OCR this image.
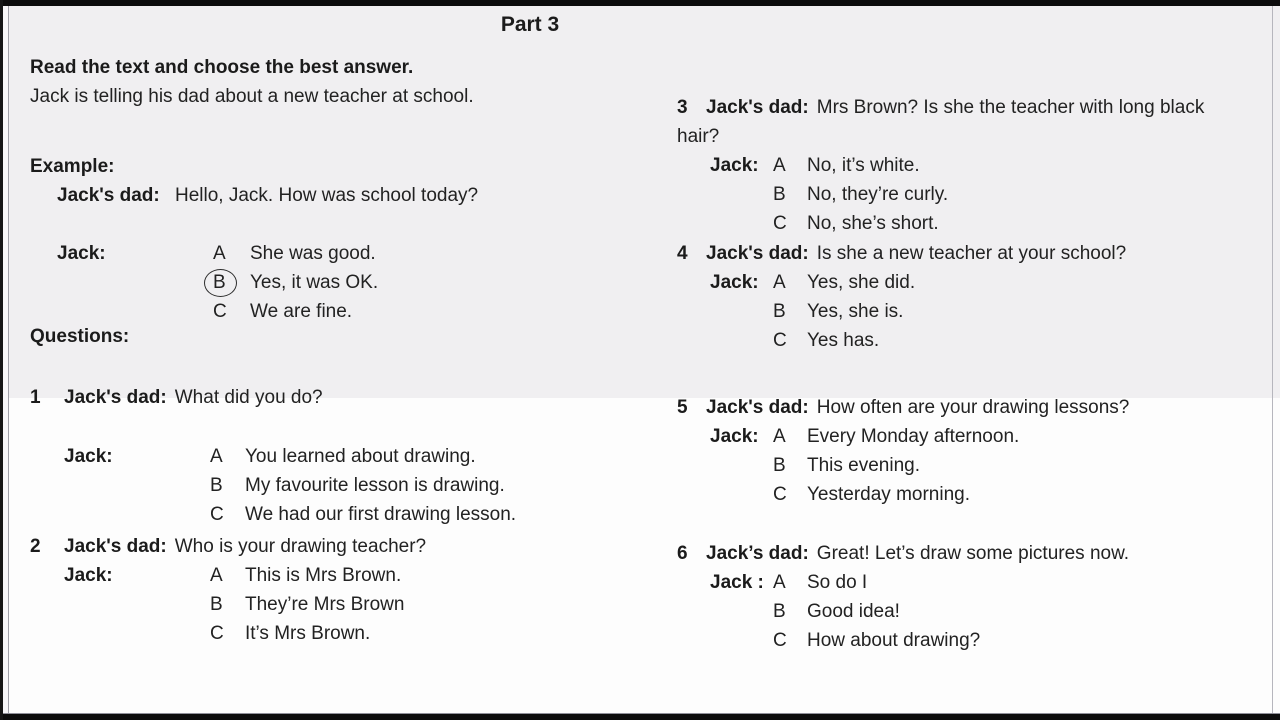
Part 3
Read the text and choose the best answer.
Jack is telling his dad about a new teacher at school.
Example:
Jack's dad: Hello, Jack. How was school today?
Jack:	A	She was good.
B	Yes, it was OK.
C	We are fine.
Questions:
1 Jack's dad: What did you do?
Jack:	A	You learned about drawing.
B	My favourite lesson is drawing.
C	We had our first drawing lesson.
2 Jack's dad: Who is your drawing teacher?
Jack:	A	This is Mrs Brown.
B	They’re Mrs Brown
C	It’s Mrs Brown.
3 Jack's dad: Mrs Brown? Is she the teacher with long black hair?
Jack: A	No, it’s white.
B	No, they’re curly.
C	No, she’s short.
4 Jack's dad: Is she a new teacher at your school?
Jack: A	Yes, she did.
B	Yes, she is.
C	Yes has.
5 Jack's dad: How often are your drawing lessons?
Jack: A	Every Monday afternoon.
B	This evening.
C	Yesterday morning.
6 Jack’s dad: Great! Let’s draw some pictures now.
Jack : A	So do I
B	Good idea!
C	How about drawing?
